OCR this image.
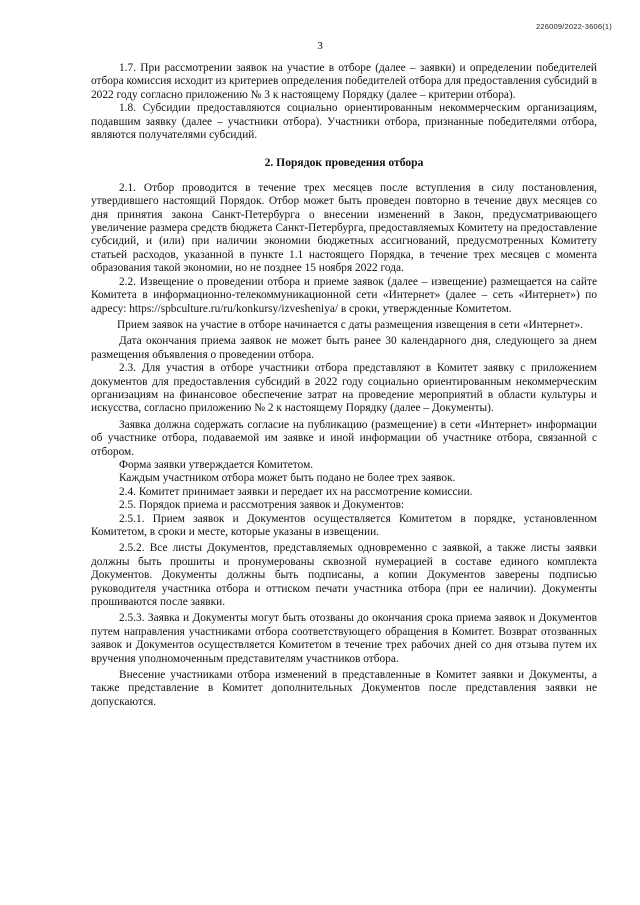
226009/2022-3606(1)
3

1.7. При рассмотрении заявок на участие в отборе (далее – заявки) и определении победителей отбора комиссия исходит из критериев определения победителей отбора для предоставления субсидий в 2022 году согласно приложению № 3 к настоящему Порядку (далее – критерии отбора).

1.8. Субсидии предоставляются социально ориентированным некоммерческим организациям, подавшим заявку (далее – участники отбора). Участники отбора, признанные победителями отбора, являются получателями субсидий.

2. Порядок проведения отбора

2.1. Отбор проводится в течение трех месяцев после вступления в силу постановления, утвердившего настоящий Порядок. Отбор может быть проведен повторно в течение двух месяцев со дня принятия закона Санкт-Петербурга о внесении изменений в Закон, предусматривающего увеличение размера средств бюджета Санкт-Петербурга, предоставляемых Комитету на предоставление субсидий, и (или) при наличии экономии бюджетных ассигнований, предусмотренных Комитету статьей расходов, указанной в пункте 1.1 настоящего Порядка, в течение трех месяцев с момента образования такой экономии, но не позднее 15 ноября 2022 года.

2.2. Извещение о проведении отбора и приеме заявок (далее – извещение) размещается на сайте Комитета в информационно-телекоммуникационной сети «Интернет» (далее – сеть «Интернет») по адресу: https://spbculture.ru/ru/konkursy/izvesheniya/ в сроки, утвержденные Комитетом.

Прием заявок на участие в отборе начинается с даты размещения извещения в сети «Интернет».

Дата окончания приема заявок не может быть ранее 30 календарного дня, следующего за днем размещения объявления о проведении отбора.

2.3. Для участия в отборе участники отбора представляют в Комитет заявку с приложением документов для предоставления субсидий в 2022 году социально ориентированным некоммерческим организациям на финансовое обеспечение затрат на проведение мероприятий в области культуры и искусства, согласно приложению № 2 к настоящему Порядку (далее – Документы).

Заявка должна содержать согласие на публикацию (размещение) в сети «Интернет» информации об участнике отбора, подаваемой им заявке и иной информации об участнике отбора, связанной с отбором.

Форма заявки утверждается Комитетом.

Каждым участником отбора может быть подано не более трех заявок.

2.4. Комитет принимает заявки и передает их на рассмотрение комиссии.

2.5. Порядок приема и рассмотрения заявок и Документов:

2.5.1. Прием заявок и Документов осуществляется Комитетом в порядке, установленном Комитетом, в сроки и месте, которые указаны в извещении.

2.5.2. Все листы Документов, представляемых одновременно с заявкой, а также листы заявки должны быть прошиты и пронумерованы сквозной нумерацией в составе единого комплекта Документов. Документы должны быть подписаны, а копии Документов заверены подписью руководителя участника отбора и оттиском печати участника отбора (при ее наличии). Документы прошиваются после заявки.

2.5.3. Заявка и Документы могут быть отозваны до окончания срока приема заявок и Документов путем направления участниками отбора соответствующего обращения в Комитет. Возврат отозванных заявок и Документов осуществляется Комитетом в течение трех рабочих дней со дня отзыва путем их вручения уполномоченным представителям участников отбора.

Внесение участниками отбора изменений в представленные в Комитет заявки и Документы, а также представление в Комитет дополнительных Документов после представления заявки не допускаются.
